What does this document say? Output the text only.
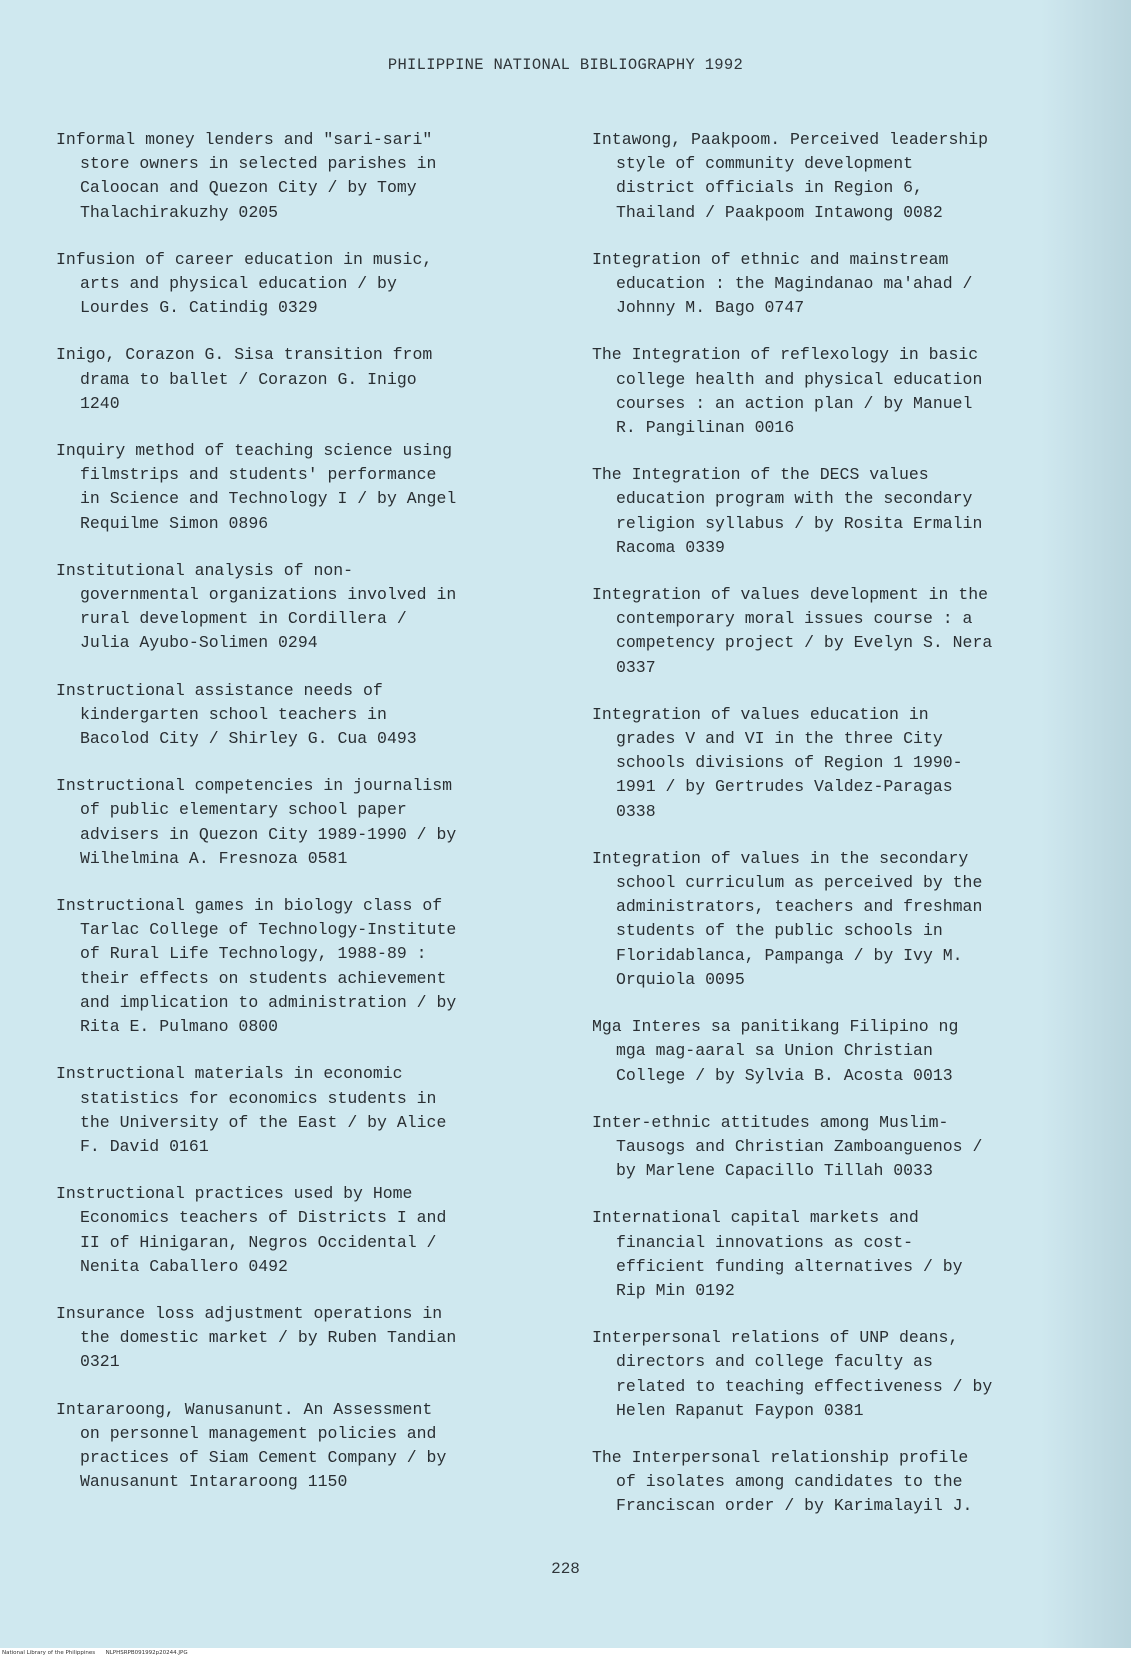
PHILIPPINE NATIONAL BIBLIOGRAPHY 1992

Informal money lenders and "sari-sari"
store owners in selected parishes in
Caloocan and Quezon City / by Tomy
Thalachirakuzhy 0205

Infusion of career education in music,
arts and physical education / by
Lourdes G. Catindig 0329

Inigo, Corazon G. Sisa transition from
drama to ballet / Corazon G. Inigo
1240

Inquiry method of teaching science using
filmstrips and students' performance
in Science and Technology I / by Angel
Requilme Simon 0896

Institutional analysis of non-
governmental organizations involved in
rural development in Cordillera /
Julia Ayubo-Solimen 0294

Instructional assistance needs of
kindergarten school teachers in
Bacolod City / Shirley G. Cua 0493

Instructional competencies in journalism
of public elementary school paper
advisers in Quezon City 1989-1990 / by
Wilhelmina A. Fresnoza 0581

Instructional games in biology class of
Tarlac College of Technology-Institute
of Rural Life Technology, 1988-89 :
their effects on students achievement
and implication to administration / by
Rita E. Pulmano 0800

Instructional materials in economic
statistics for economics students in
the University of the East / by Alice
F. David 0161

Instructional practices used by Home
Economics teachers of Districts I and
II of Hinigaran, Negros Occidental /
Nenita Caballero 0492

Insurance loss adjustment operations in
the domestic market / by Ruben Tandian
0321

Intararoong, Wanusanunt. An Assessment
on personnel management policies and
practices of Siam Cement Company / by
Wanusanunt Intararoong 1150

Intawong, Paakpoom. Perceived leadership
style of community development
district officials in Region 6,
Thailand / Paakpoom Intawong 0082

Integration of ethnic and mainstream
education : the Magindanao ma'ahad /
Johnny M. Bago 0747

The Integration of reflexology in basic
college health and physical education
courses : an action plan / by Manuel
R. Pangilinan 0016

The Integration of the DECS values
education program with the secondary
religion syllabus / by Rosita Ermalin
Racoma 0339

Integration of values development in the
contemporary moral issues course : a
competency project / by Evelyn S. Nera
0337

Integration of values education in
grades V and VI in the three City
schools divisions of Region 1 1990-
1991 / by Gertrudes Valdez-Paragas
0338

Integration of values in the secondary
school curriculum as perceived by the
administrators, teachers and freshman
students of the public schools in
Floridablanca, Pampanga / by Ivy M.
Orquiola 0095

Mga Interes sa panitikang Filipino ng
mga mag-aaral sa Union Christian
College / by Sylvia B. Acosta 0013

Inter-ethnic attitudes among Muslim-
Tausogs and Christian Zamboanguenos /
by Marlene Capacillo Tillah 0033

International capital markets and
financial innovations as cost-
efficient funding alternatives / by
Rip Min 0192

Interpersonal relations of UNP deans,
directors and college faculty as
related to teaching effectiveness / by
Helen Rapanut Faypon 0381

The Interpersonal relationship profile
of isolates among candidates to the
Franciscan order / by Karimalayil J.

228
National Library of the Philippines NLPHSRPB091992p20244.JPG
